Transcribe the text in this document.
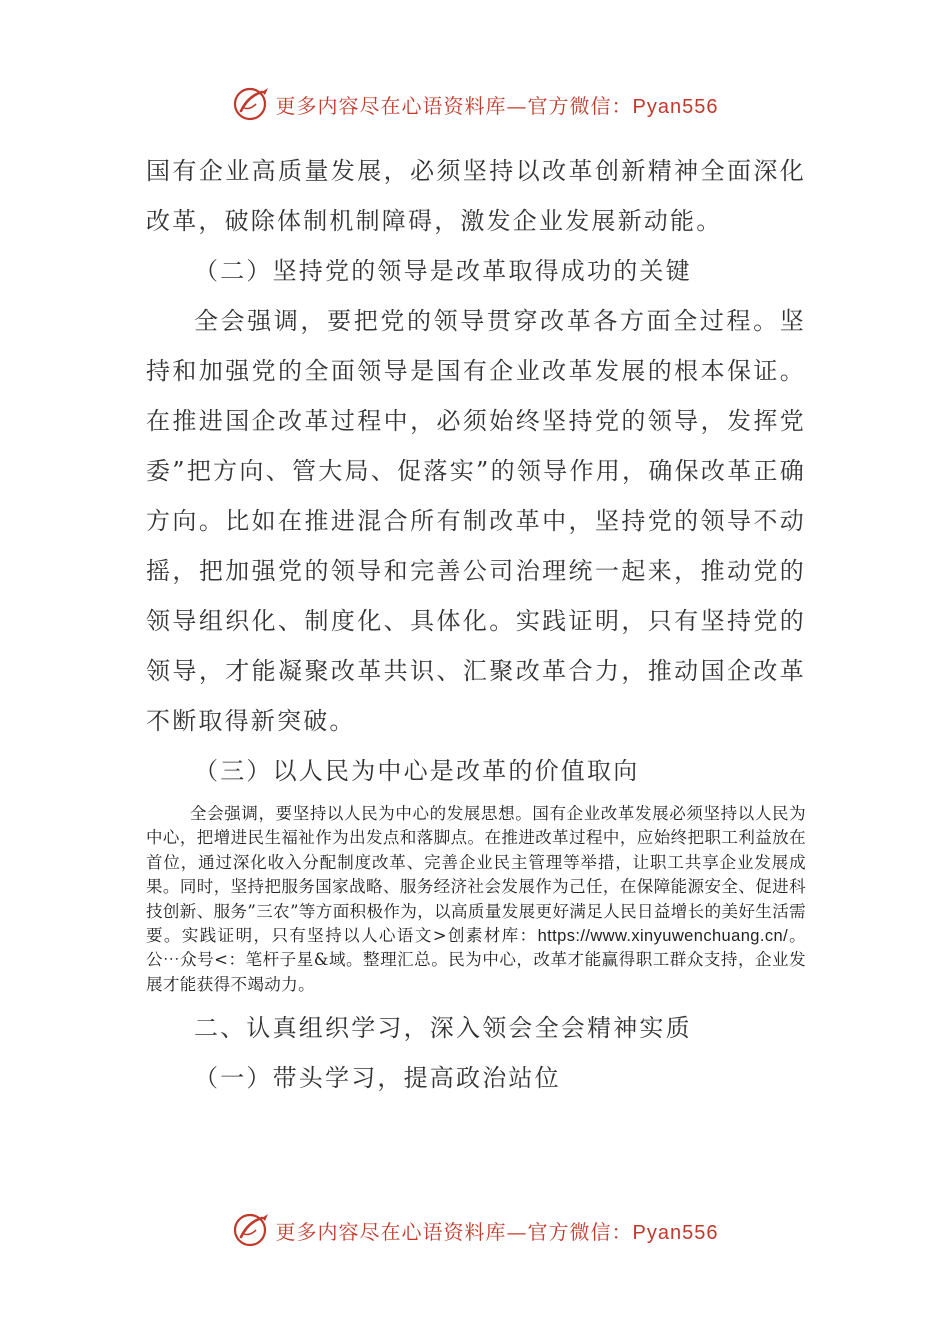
更多内容尽在心语资料库—官方微信：Pyan556

国有企业高质量发展，必须坚持以改革创新精神全面深化改革，破除体制机制障碍，激发企业发展新动能。

（二）坚持党的领导是改革取得成功的关键

全会强调，要把党的领导贯穿改革各方面全过程。坚持和加强党的全面领导是国有企业改革发展的根本保证。在推进国企改革过程中，必须始终坚持党的领导，发挥党委”把方向、管大局、促落实”的领导作用，确保改革正确方向。比如在推进混合所有制改革中，坚持党的领导不动摇，把加强党的领导和完善公司治理统一起来，推动党的领导组织化、制度化、具体化。实践证明，只有坚持党的领导，才能凝聚改革共识、汇聚改革合力，推动国企改革不断取得新突破。

（三）以人民为中心是改革的价值取向

全会强调，要坚持以人民为中心的发展思想。国有企业改革发展必须坚持以人民为中心，把增进民生福祉作为出发点和落脚点。在推进改革过程中，应始终把职工利益放在首位，通过深化收入分配制度改革、完善企业民主管理等举措，让职工共享企业发展成果。同时，坚持把服务国家战略、服务经济社会发展作为己任，在保障能源安全、促进科技创新、服务”三农”等方面积极作为，以高质量发展更好满足人民日益增长的美好生活需要。实践证明，只有坚持以人心语文>创素材库：https://www.xinyuwenchuang.cn/。公⋯众号<：笔杆子星&域。整理汇总。民为中心，改革才能赢得职工群众支持，企业发展才能获得不竭动力。

二、认真组织学习，深入领会全会精神实质

（一）带头学习，提高政治站位

更多内容尽在心语资料库—官方微信：Pyan556
